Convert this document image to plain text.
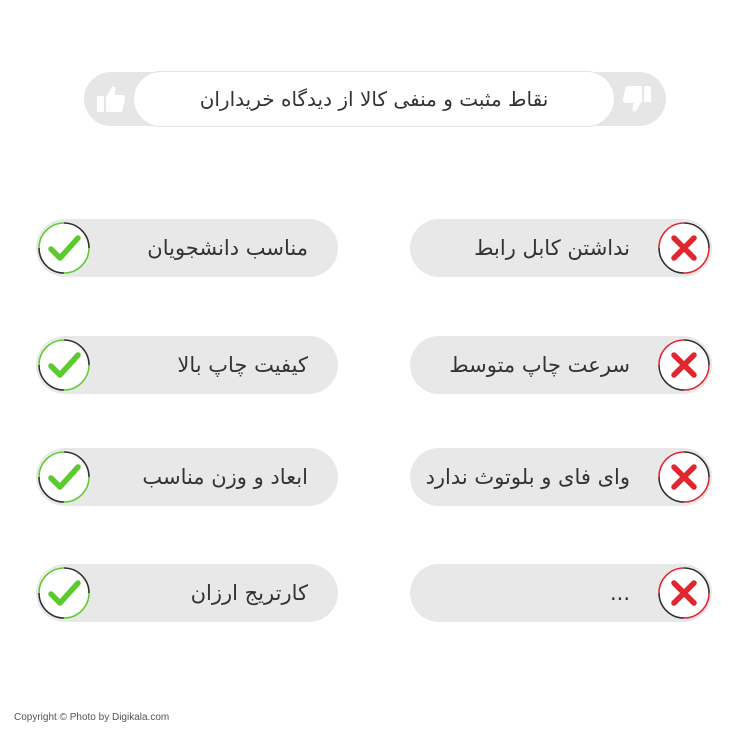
نقاط مثبت و منفی کالا از دیدگاه خریداران
مناسب دانشجویان
کیفیت چاپ بالا
ابعاد و وزن مناسب
کارتریج ارزان
نداشتن کابل رابط
سرعت چاپ متوسط
وای فای و بلوتوث ندارد
...
Copyright © Photo by Digikala.com
